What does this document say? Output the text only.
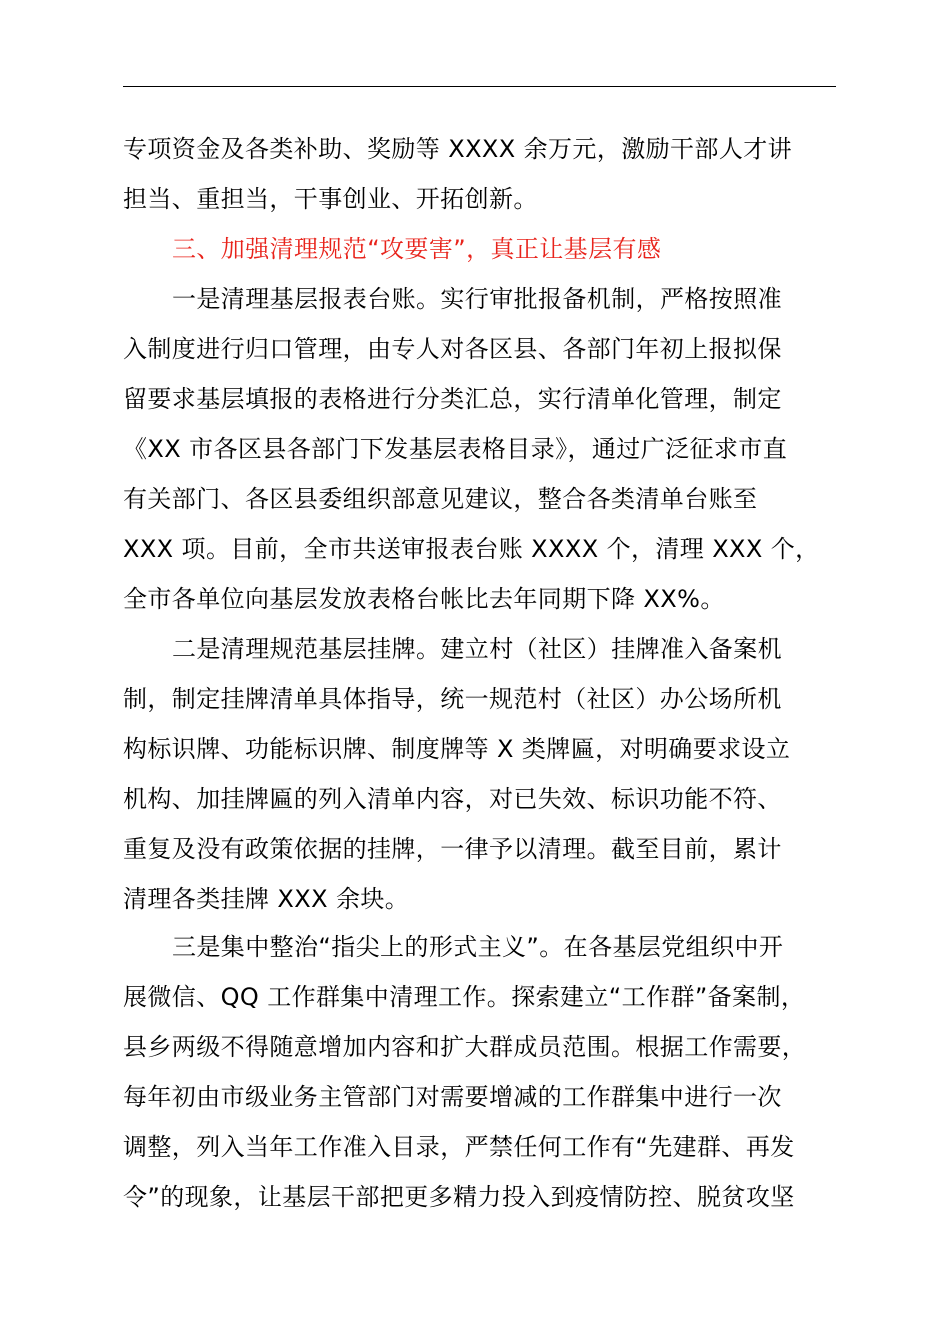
专项资金及各类补助、奖励等 XXXX 余万元，激励干部人才讲
担当、重担当，干事创业、开拓创新。
三、加强清理规范“攻要害”，真正让基层有感
一是清理基层报表台账。实行审批报备机制，严格按照准
入制度进行归口管理，由专人对各区县、各部门年初上报拟保
留要求基层填报的表格进行分类汇总，实行清单化管理，制定
《XX 市各区县各部门下发基层表格目录》，通过广泛征求市直
有关部门、各区县委组织部意见建议，整合各类清单台账至
XXX 项。目前，全市共送审报表台账 XXXX 个，清理 XXX 个，
全市各单位向基层发放表格台帐比去年同期下降 XX%。
二是清理规范基层挂牌。建立村（社区）挂牌准入备案机
制，制定挂牌清单具体指导，统一规范村（社区）办公场所机
构标识牌、功能标识牌、制度牌等 X 类牌匾，对明确要求设立
机构、加挂牌匾的列入清单内容，对已失效、标识功能不符、
重复及没有政策依据的挂牌，一律予以清理。截至目前，累计
清理各类挂牌 XXX 余块。
三是集中整治“指尖上的形式主义”。在各基层党组织中开
展微信、QQ 工作群集中清理工作。探索建立“工作群”备案制，
县乡两级不得随意增加内容和扩大群成员范围。根据工作需要，
每年初由市级业务主管部门对需要增减的工作群集中进行一次
调整，列入当年工作准入目录，严禁任何工作有“先建群、再发
令”的现象，让基层干部把更多精力投入到疫情防控、脱贫攻坚
